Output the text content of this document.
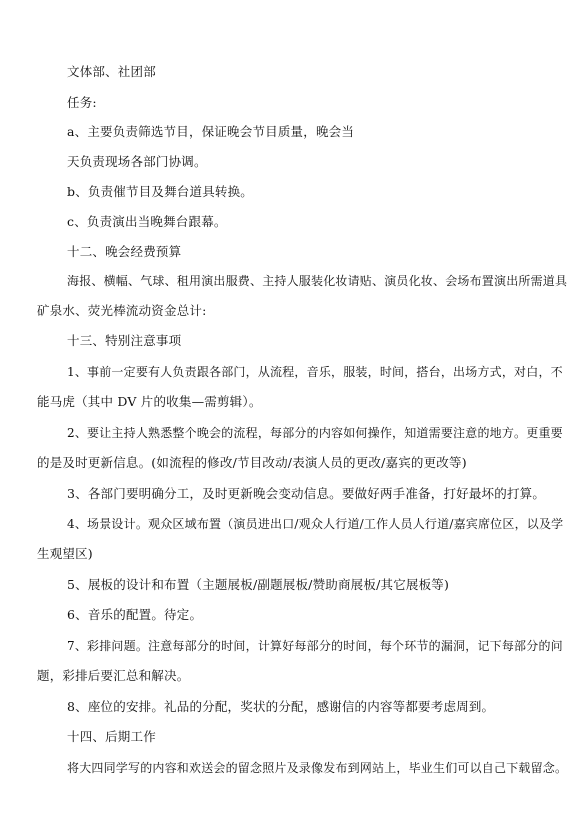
文体部、社团部
任务:
a、主要负责筛选节目，保证晚会节目质量，晚会当
天负责现场各部门协调。
b、负责催节目及舞台道具转换。
c、负责演出当晚舞台跟幕。
十二、晚会经费预算
海报、横幅、气球、租用演出服费、主持人服装化妆请贴、演员化妆、会场布置演出所需道具
矿泉水、荧光棒流动资金总计:
十三、特别注意事项
1、事前一定要有人负责跟各部门，从流程，音乐，服装，时间，搭台，出场方式，对白，不
能马虎（其中 DV 片的收集—需剪辑）。
2、要让主持人熟悉整个晚会的流程，每部分的内容如何操作，知道需要注意的地方。更重要
的是及时更新信息。(如流程的修改/节目改动/表演人员的更改/嘉宾的更改等)
3、各部门要明确分工，及时更新晚会变动信息。要做好两手准备，打好最坏的打算。
4、场景设计。观众区域布置（演员进出口/观众人行道/工作人员人行道/嘉宾席位区，以及学
生观望区)
5、展板的设计和布置（主题展板/副题展板/赞助商展板/其它展板等)
6、音乐的配置。待定。
7、彩排问题。注意每部分的时间，计算好每部分的时间，每个环节的漏洞，记下每部分的问
题，彩排后要汇总和解决。
8、座位的安排。礼品的分配，奖状的分配，感谢信的内容等都要考虑周到。
十四、后期工作
将大四同学写的内容和欢送会的留念照片及录像发布到网站上，毕业生们可以自己下载留念。
